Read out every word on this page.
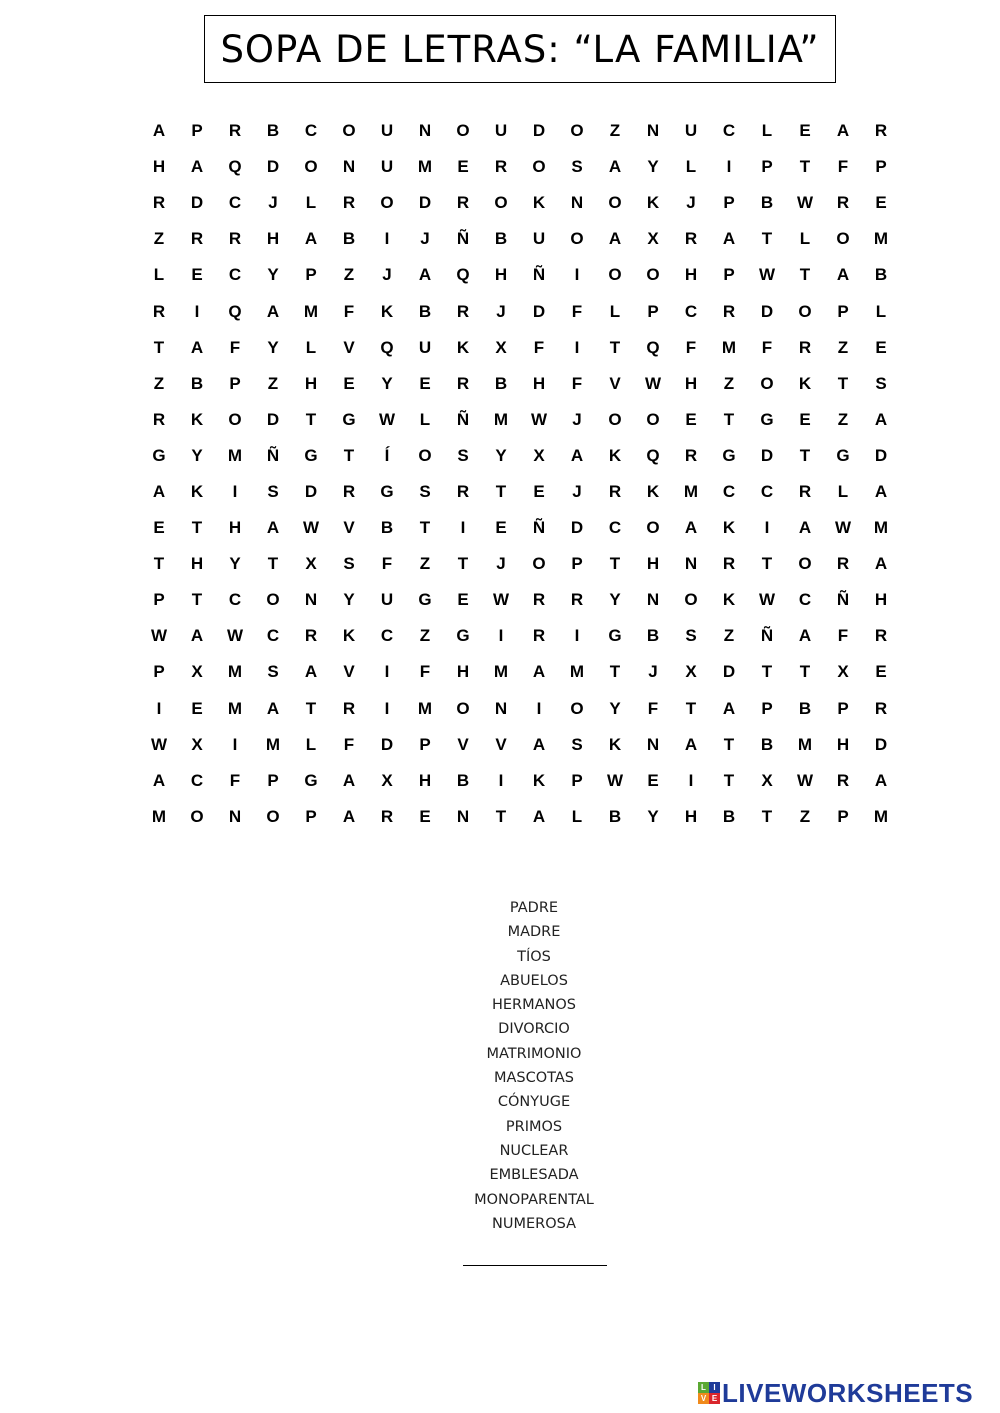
SOPA DE LETRAS: “LA FAMILIA”
A	P	R	B	C	O	U	N	O	U	D	O	Z	N	U	C	L	E	A	R
H	A	Q	D	O	N	U	M	E	R	O	S	A	Y	L	I	P	T	F	P
R	D	C	J	L	R	O	D	R	O	K	N	O	K	J	P	B	W	R	E
Z	R	R	H	A	B	I	J	Ñ	B	U	O	A	X	R	A	T	L	O	M
L	E	C	Y	P	Z	J	A	Q	H	Ñ	I	O	O	H	P	W	T	A	B
R	I	Q	A	M	F	K	B	R	J	D	F	L	P	C	R	D	O	P	L
T	A	F	Y	L	V	Q	U	K	X	F	I	T	Q	F	M	F	R	Z	E
Z	B	P	Z	H	E	Y	E	R	B	H	F	V	W	H	Z	O	K	T	S
R	K	O	D	T	G	W	L	Ñ	M	W	J	O	O	E	T	G	E	Z	A
G	Y	M	Ñ	G	T	Í	O	S	Y	X	A	K	Q	R	G	D	T	G	D
A	K	I	S	D	R	G	S	R	T	E	J	R	K	M	C	C	R	L	A
E	T	H	A	W	V	B	T	I	E	Ñ	D	C	O	A	K	I	A	W	M
T	H	Y	T	X	S	F	Z	T	J	O	P	T	H	N	R	T	O	R	A
P	T	C	O	N	Y	U	G	E	W	R	R	Y	N	O	K	W	C	Ñ	H
W	A	W	C	R	K	C	Z	G	I	R	I	G	B	S	Z	Ñ	A	F	R
P	X	M	S	A	V	I	F	H	M	A	M	T	J	X	D	T	T	X	E
I	E	M	A	T	R	I	M	O	N	I	O	Y	F	T	A	P	B	P	R
W	X	I	M	L	F	D	P	V	V	A	S	K	N	A	T	B	M	H	D
A	C	F	P	G	A	X	H	B	I	K	P	W	E	I	T	X	W	R	A
M	O	N	O	P	A	R	E	N	T	A	L	B	Y	H	B	T	Z	P	M
PADRE
MADRE
TÍOS
ABUELOS
HERMANOS
DIVORCIO
MATRIMONIO
MASCOTAS
CÓNYUGE
PRIMOS
NUCLEAR
EMBLESADA
MONOPARENTAL
NUMEROSA
L I
V E LIVEWORKSHEETS
